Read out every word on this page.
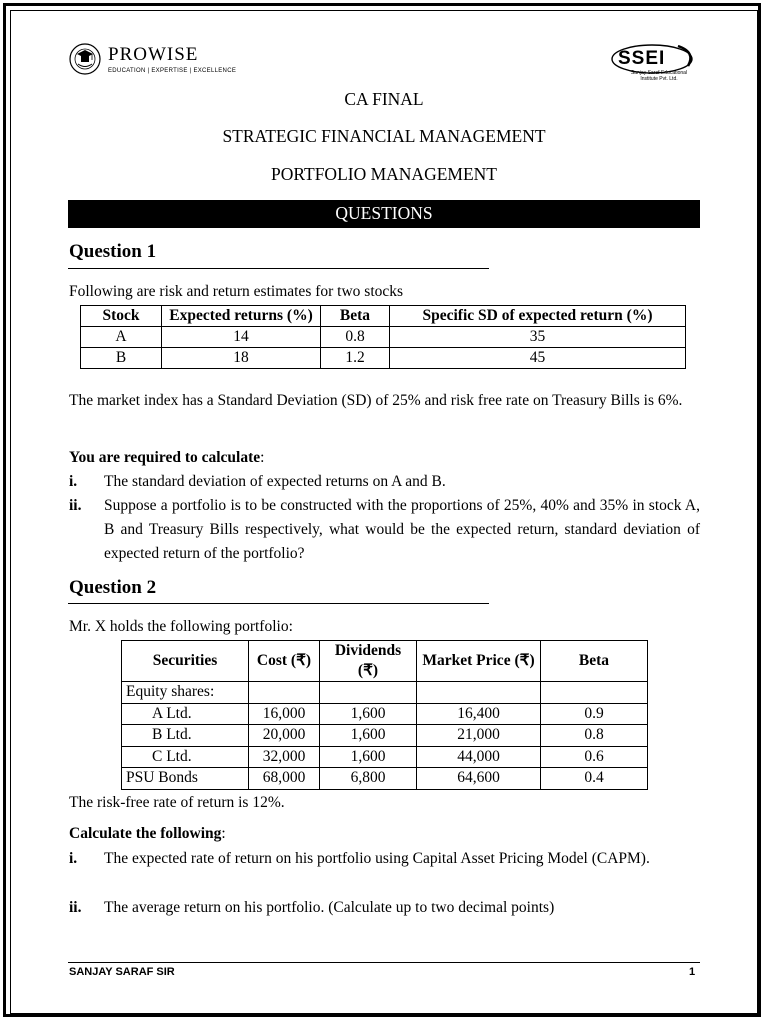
PROWISE
EDUCATION | EXPERTISE | EXCELLENCE
SSEI
Sanjay Saraf Educational Institute Pvt. Ltd.
CA FINAL
STRATEGIC FINANCIAL MANAGEMENT
PORTFOLIO MANAGEMENT
QUESTIONS
Question 1
Following are risk and return estimates for two stocks
Stock	Expected returns (%)	Beta	Specific SD of expected return (%)
A	14	0.8	35
B	18	1.2	45
The market index has a Standard Deviation (SD) of 25% and risk free rate on Treasury Bills is 6%.
You are required to calculate:
i. The standard deviation of expected returns on A and B.
ii. Suppose a portfolio is to be constructed with the proportions of 25%, 40% and 35% in stock A, B and Treasury Bills respectively, what would be the expected return, standard deviation of expected return of the portfolio?
Question 2
Mr. X holds the following portfolio:
Securities	Cost (₹)	Dividends (₹)	Market Price (₹)	Beta
Equity shares:				
A Ltd.	16,000	1,600	16,400	0.9
B Ltd.	20,000	1,600	21,000	0.8
C Ltd.	32,000	1,600	44,000	0.6
PSU Bonds	68,000	6,800	64,600	0.4
The risk-free rate of return is 12%.
Calculate the following:
i. The expected rate of return on his portfolio using Capital Asset Pricing Model (CAPM).
ii. The average return on his portfolio. (Calculate up to two decimal points)
SANJAY SARAF SIR	1
